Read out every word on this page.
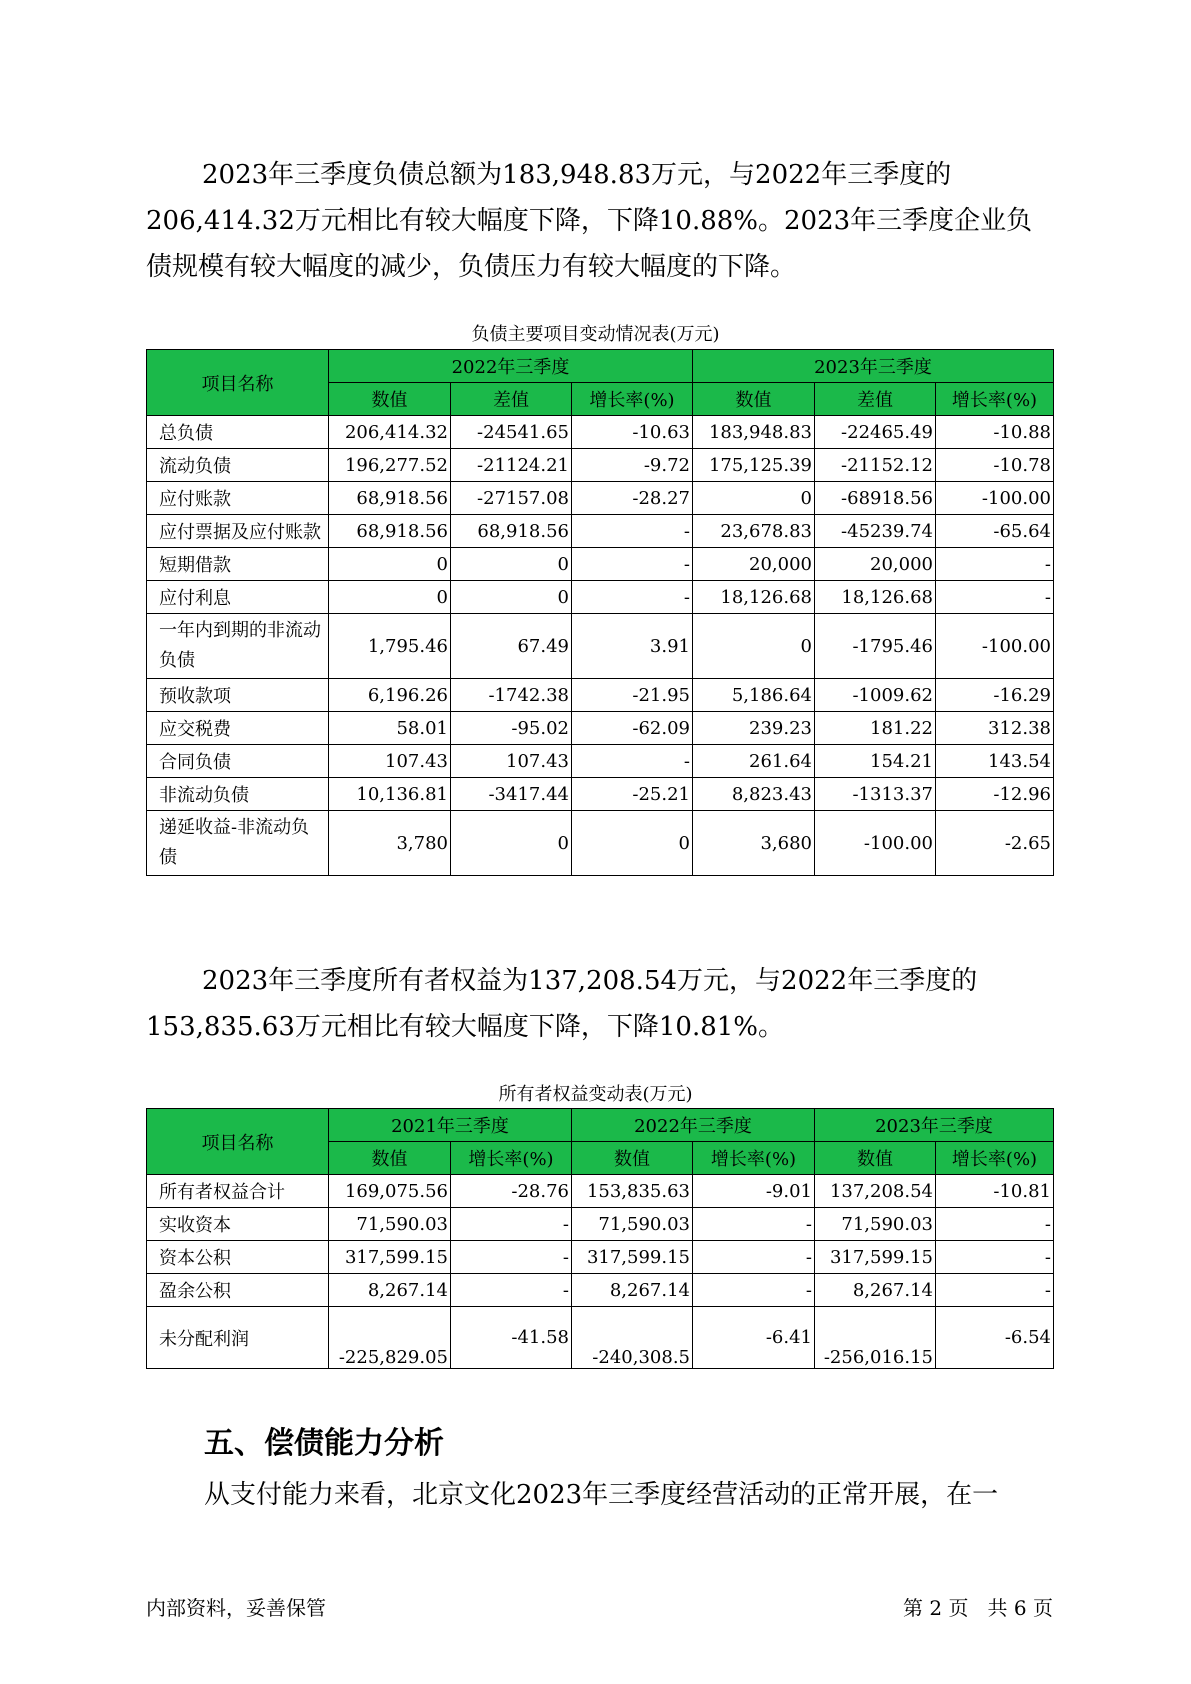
2023年三季度负债总额为183,948.83万元，与2022年三季度的206,414.32万元相比有较大幅度下降，下降10.88%。2023年三季度企业负债规模有较大幅度的减少，负债压力有较大幅度的下降。

负债主要项目变动情况表(万元)
项目名称	2022年三季度			2023年三季度		
	数值	差值	增长率(%)	数值	差值	增长率(%)
总负债	206,414.32	-24541.65	-10.63	183,948.83	-22465.49	-10.88
流动负债	196,277.52	-21124.21	-9.72	175,125.39	-21152.12	-10.78
应付账款	68,918.56	-27157.08	-28.27	0	-68918.56	-100.00
应付票据及应付账款	68,918.56	68,918.56	-	23,678.83	-45239.74	-65.64
短期借款	0	0	-	20,000	20,000	-
应付利息	0	0	-	18,126.68	18,126.68	-
一年内到期的非流动负债	1,795.46	67.49	3.91	0	-1795.46	-100.00
预收款项	6,196.26	-1742.38	-21.95	5,186.64	-1009.62	-16.29
应交税费	58.01	-95.02	-62.09	239.23	181.22	312.38
合同负债	107.43	107.43	-	261.64	154.21	143.54
非流动负债	10,136.81	-3417.44	-25.21	8,823.43	-1313.37	-12.96
递延收益-非流动负债	3,780	0	0	3,680	-100.00	-2.65

2023年三季度所有者权益为137,208.54万元，与2022年三季度的153,835.63万元相比有较大幅度下降，下降10.81%。

所有者权益变动表(万元)
项目名称	2021年三季度		2022年三季度		2023年三季度	
	数值	增长率(%)	数值	增长率(%)	数值	增长率(%)
所有者权益合计	169,075.56	-28.76	153,835.63	-9.01	137,208.54	-10.81
实收资本	71,590.03	-	71,590.03	-	71,590.03	-
资本公积	317,599.15	-	317,599.15	-	317,599.15	-
盈余公积	8,267.14	-	8,267.14	-	8,267.14	-
未分配利润	-225,829.05	-41.58	-240,308.5	-6.41	-256,016.15	-6.54
五、偿债能力分析

从支付能力来看，北京文化2023年三季度经营活动的正常开展，在一

内部资料，妥善保管	第 2 页   共 6 页
